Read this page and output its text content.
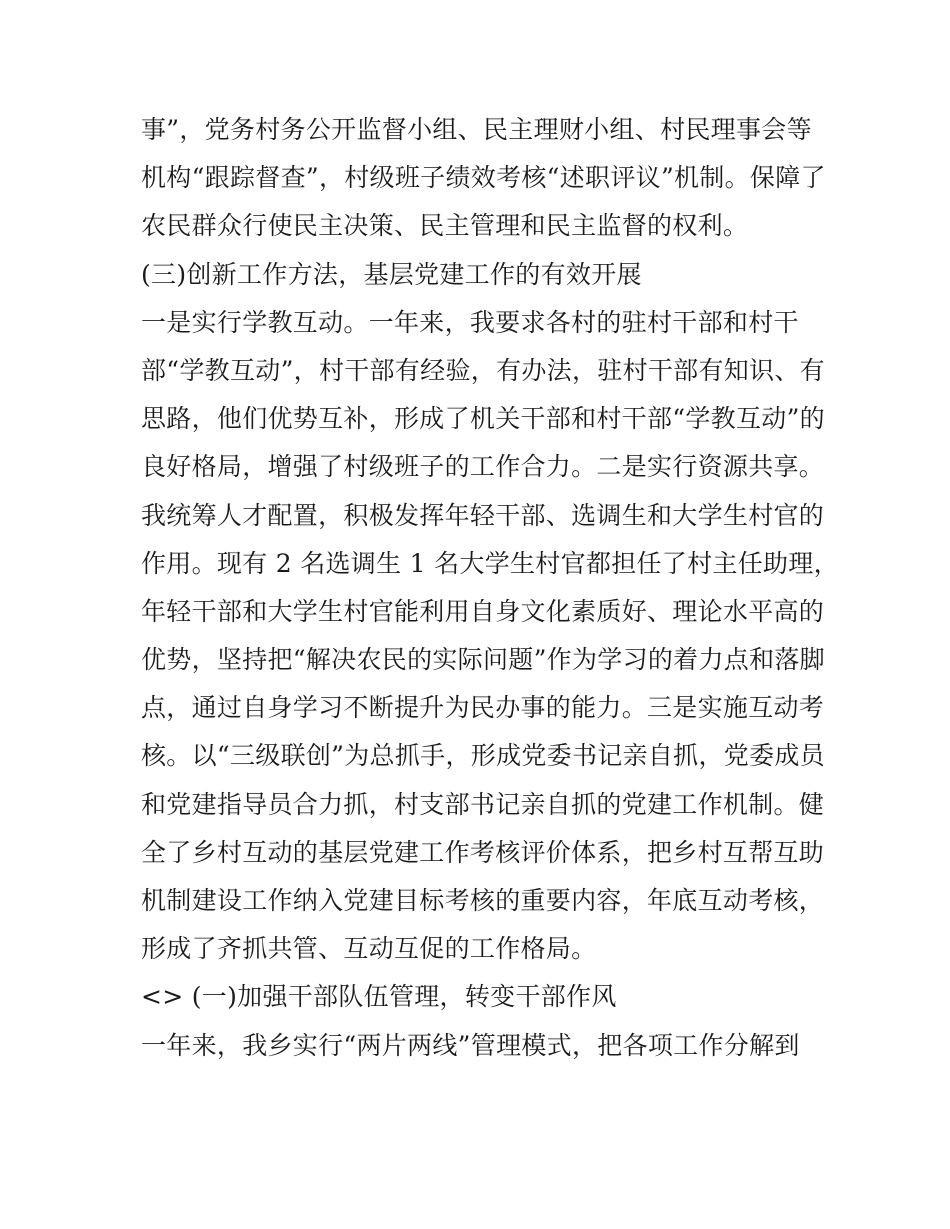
事”，党务村务公开监督小组、民主理财小组、村民理事会等
机构“跟踪督查”，村级班子绩效考核“述职评议”机制。保障了
农民群众行使民主决策、民主管理和民主监督的权利。
(三)创新工作方法，基层党建工作的有效开展
一是实行学教互动。一年来，我要求各村的驻村干部和村干
部“学教互动”，村干部有经验，有办法，驻村干部有知识、有
思路，他们优势互补，形成了机关干部和村干部“学教互动”的
良好格局，增强了村级班子的工作合力。二是实行资源共享。
我统筹人才配置，积极发挥年轻干部、选调生和大学生村官的
作用。现有 2 名选调生 1 名大学生村官都担任了村主任助理，
年轻干部和大学生村官能利用自身文化素质好、理论水平高的
优势，坚持把“解决农民的实际问题”作为学习的着力点和落脚
点，通过自身学习不断提升为民办事的能力。三是实施互动考
核。以“三级联创”为总抓手，形成党委书记亲自抓，党委成员
和党建指导员合力抓，村支部书记亲自抓的党建工作机制。健
全了乡村互动的基层党建工作考核评价体系，把乡村互帮互助
机制建设工作纳入党建目标考核的重要内容，年底互动考核，
形成了齐抓共管、互动互促的工作格局。
<> (一)加强干部队伍管理，转变干部作风
一年来，我乡实行“两片两线”管理模式，把各项工作分解到
